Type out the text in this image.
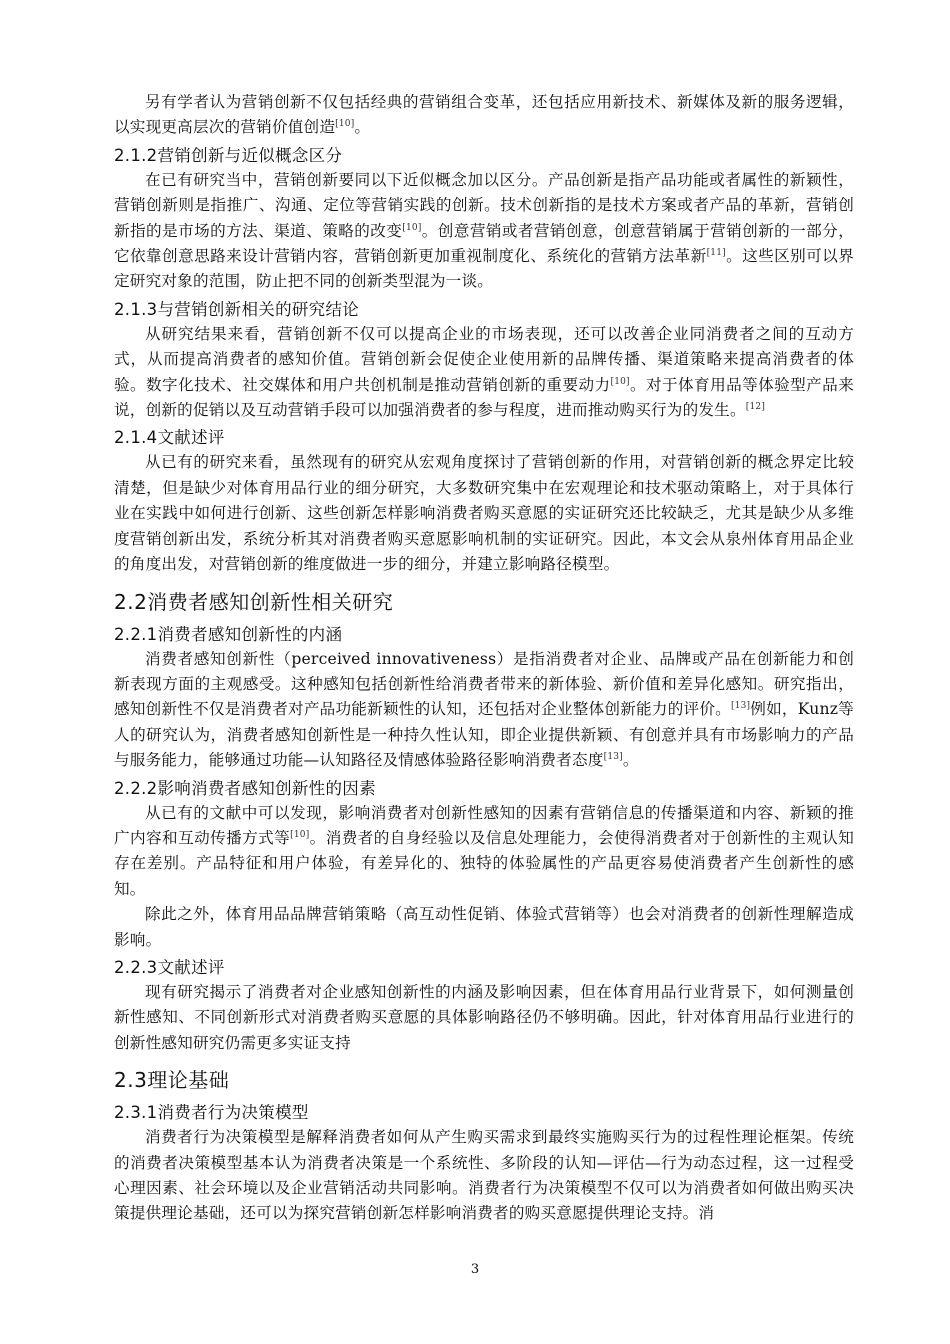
另有学者认为营销创新不仅包括经典的营销组合变革，还包括应用新技术、新媒体及新的服务逻辑，以实现更高层次的营销价值创造[10]。

2.1.2营销创新与近似概念区分

在已有研究当中，营销创新要同以下近似概念加以区分。产品创新是指产品功能或者属性的新颖性，营销创新则是指推广、沟通、定位等营销实践的创新。技术创新指的是技术方案或者产品的革新，营销创新指的是市场的方法、渠道、策略的改变[10]。创意营销或者营销创意，创意营销属于营销创新的一部分，它依靠创意思路来设计营销内容，营销创新更加重视制度化、系统化的营销方法革新[11]。这些区别可以界定研究对象的范围，防止把不同的创新类型混为一谈。

2.1.3与营销创新相关的研究结论

从研究结果来看，营销创新不仅可以提高企业的市场表现，还可以改善企业同消费者之间的互动方式，从而提高消费者的感知价值。营销创新会促使企业使用新的品牌传播、渠道策略来提高消费者的体验。数字化技术、社交媒体和用户共创机制是推动营销创新的重要动力[10]。对于体育用品等体验型产品来说，创新的促销以及互动营销手段可以加强消费者的参与程度，进而推动购买行为的发生。[12]

2.1.4文献述评

从已有的研究来看，虽然现有的研究从宏观角度探讨了营销创新的作用，对营销创新的概念界定比较清楚，但是缺少对体育用品行业的细分研究，大多数研究集中在宏观理论和技术驱动策略上，对于具体行业在实践中如何进行创新、这些创新怎样影响消费者购买意愿的实证研究还比较缺乏，尤其是缺少从多维度营销创新出发，系统分析其对消费者购买意愿影响机制的实证研究。因此，本文会从泉州体育用品企业的角度出发，对营销创新的维度做进一步的细分，并建立影响路径模型。

2.2消费者感知创新性相关研究
2.2.1消费者感知创新性的内涵

消费者感知创新性（perceived innovativeness）是指消费者对企业、品牌或产品在创新能力和创新表现方面的主观感受。这种感知包括创新性给消费者带来的新体验、新价值和差异化感知。研究指出，感知创新性不仅是消费者对产品功能新颖性的认知，还包括对企业整体创新能力的评价。[13]例如，Kunz等人的研究认为，消费者感知创新性是一种持久性认知，即企业提供新颖、有创意并具有市场影响力的产品与服务能力，能够通过功能—认知路径及情感体验路径影响消费者态度[13]。

2.2.2影响消费者感知创新性的因素

从已有的文献中可以发现，影响消费者对创新性感知的因素有营销信息的传播渠道和内容、新颖的推广内容和互动传播方式等[10]。消费者的自身经验以及信息处理能力，会使得消费者对于创新性的主观认知存在差别。产品特征和用户体验，有差异化的、独特的体验属性的产品更容易使消费者产生创新性的感知。

除此之外，体育用品品牌营销策略（高互动性促销、体验式营销等）也会对消费者的创新性理解造成影响。

2.2.3文献述评

现有研究揭示了消费者对企业感知创新性的内涵及影响因素，但在体育用品行业背景下，如何测量创新性感知、不同创新形式对消费者购买意愿的具体影响路径仍不够明确。因此，针对体育用品行业进行的创新性感知研究仍需更多实证支持

2.3理论基础
2.3.1消费者行为决策模型

消费者行为决策模型是解释消费者如何从产生购买需求到最终实施购买行为的过程性理论框架。传统的消费者决策模型基本认为消费者决策是一个系统性、多阶段的认知—评估—行为动态过程，这一过程受心理因素、社会环境以及企业营销活动共同影响。消费者行为决策模型不仅可以为消费者如何做出购买决策提供理论基础，还可以为探究营销创新怎样影响消费者的购买意愿提供理论支持。消

3
